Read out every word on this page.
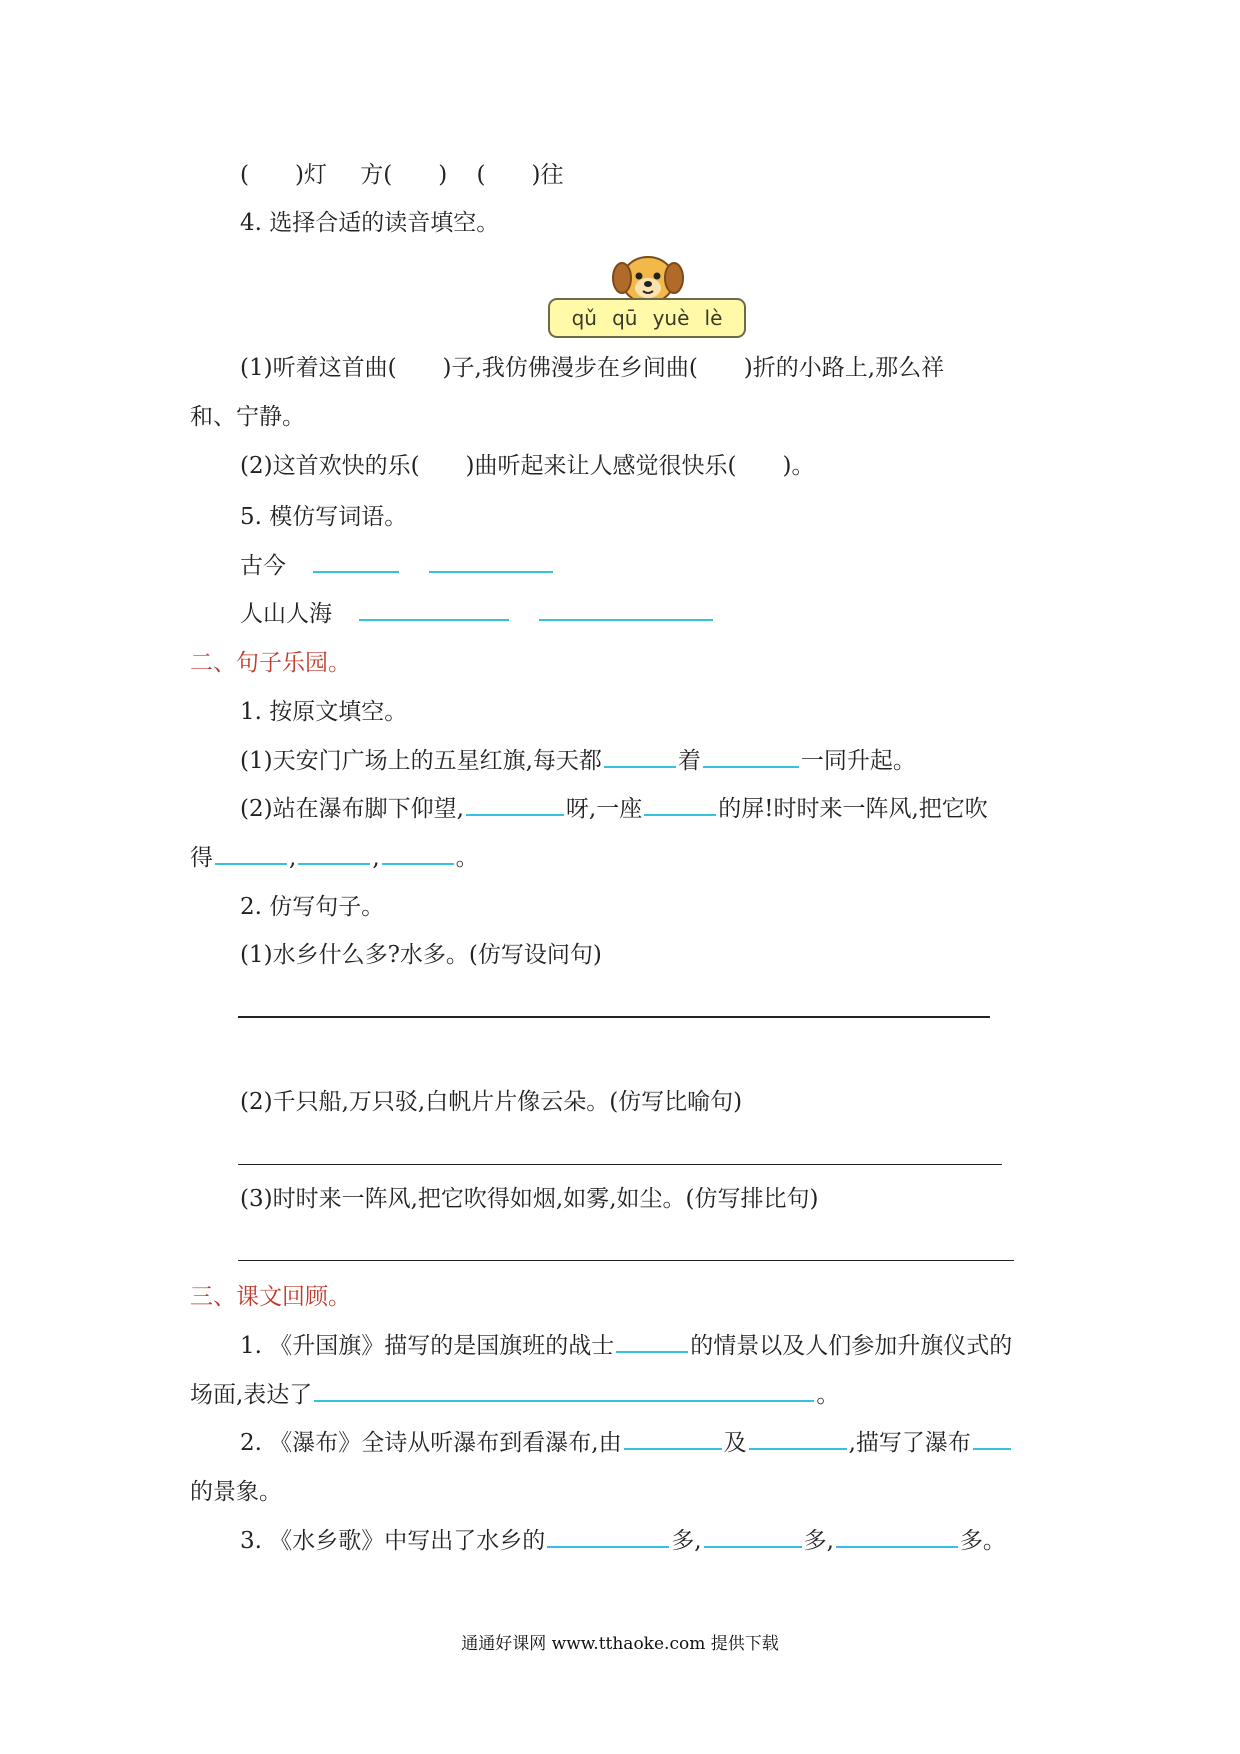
(　　)灯 方(　　) (　　)往
4. 选择合适的读音填空。
qǔ qū yuè lè
(1)听着这首曲(　　)子,我仿佛漫步在乡间曲(　　)折的小路上,那么祥
和、宁静。
(2)这首欢快的乐(　　)曲听起来让人感觉很快乐(　　)。
5. 模仿写词语。
古今
人山人海
二、句子乐园。
1. 按原文填空。
(1)天安门广场上的五星红旗,每天都	着	一同升起。
(2)站在瀑布脚下仰望,	呀,一座	的屏!时时来一阵风,把它吹
得	,	,	。
2. 仿写句子。
(1)水乡什么多?水多。(仿写设问句)
(2)千只船,万只驳,白帆片片像云朵。(仿写比喻句)
(3)时时来一阵风,把它吹得如烟,如雾,如尘。(仿写排比句)
三、课文回顾。
1. 《升国旗》描写的是国旗班的战士	的情景以及人们参加升旗仪式的
场面,表达了	。
2. 《瀑布》全诗从听瀑布到看瀑布,由	及	,描写了瀑布
的景象。
3. 《水乡歌》中写出了水乡的	多,	多,	多。
通通好课网 www.tthaoke.com 提供下载
